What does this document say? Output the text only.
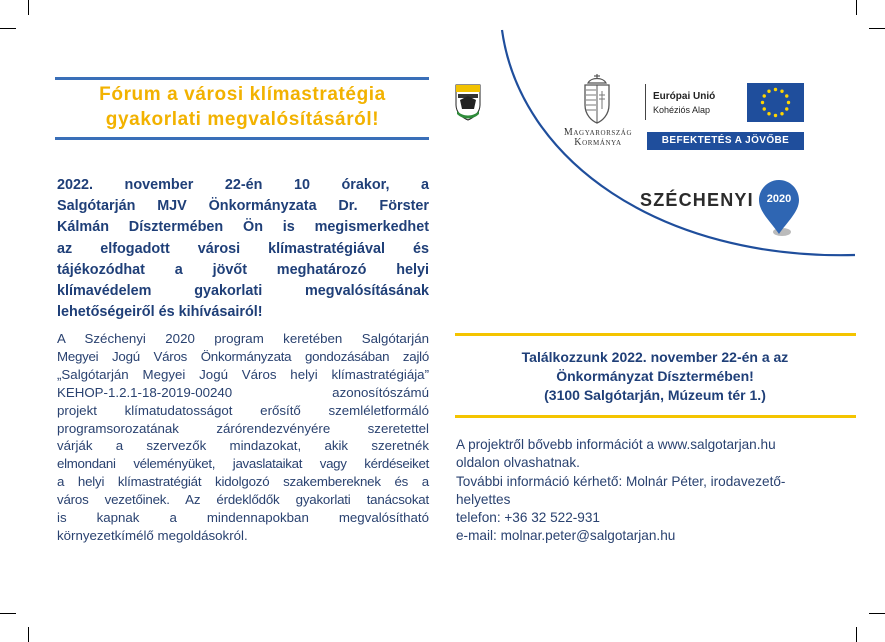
Fórum a városi klímastratégia
gyakorlati megvalósításáról!
2022. november 22-én 10 órakor, a
Salgótarján MJV Önkormányzata Dr. Förster
Kálmán Dísztermében Ön is megismerkedhet
az elfogadott városi klímastratégiával és
tájékozódhat a jövőt meghatározó helyi
klímavédelem gyakorlati megvalósításának
lehetőségeiről és kihívásairól!
A Széchenyi 2020 program keretében Salgótarján
Megyei Jogú Város Önkormányzata gondozásában zajló
„Salgótarján Megyei Jogú Város helyi klímastratégiája”
KEHOP-1.2.1-18-2019-00240 azonosítószámú
projekt klímatudatosságot erősítő szemléletformáló
programsorozatának zárórendezvényére szeretettel
várják a szervezők mindazokat, akik szeretnék
elmondani véleményüket, javaslataikat vagy kérdéseiket
a helyi klímastratégiát kidolgozó szakembereknek és a
város vezetőinek. Az érdeklődők gyakorlati tanácsokat
is kapnak a mindennapokban megvalósítható
környezetkímélő megoldásokról.
Magyarország
Kormánya
Európai Unió
Kohéziós Alap
BEFEKTETÉS A JÖVŐBE
SZÉCHENYI	2020
Találkozzunk 2022. november 22-én a az
Önkormányzat Dísztermében!
(3100 Salgótarján, Múzeum tér 1.)
A projektről bővebb információt a www.salgotarjan.hu
oldalon olvashatnak.
További információ kérhető: Molnár Péter, irodavezető-
helyettes
telefon: +36 32 522-931
e-mail: molnar.peter@salgotarjan.hu
